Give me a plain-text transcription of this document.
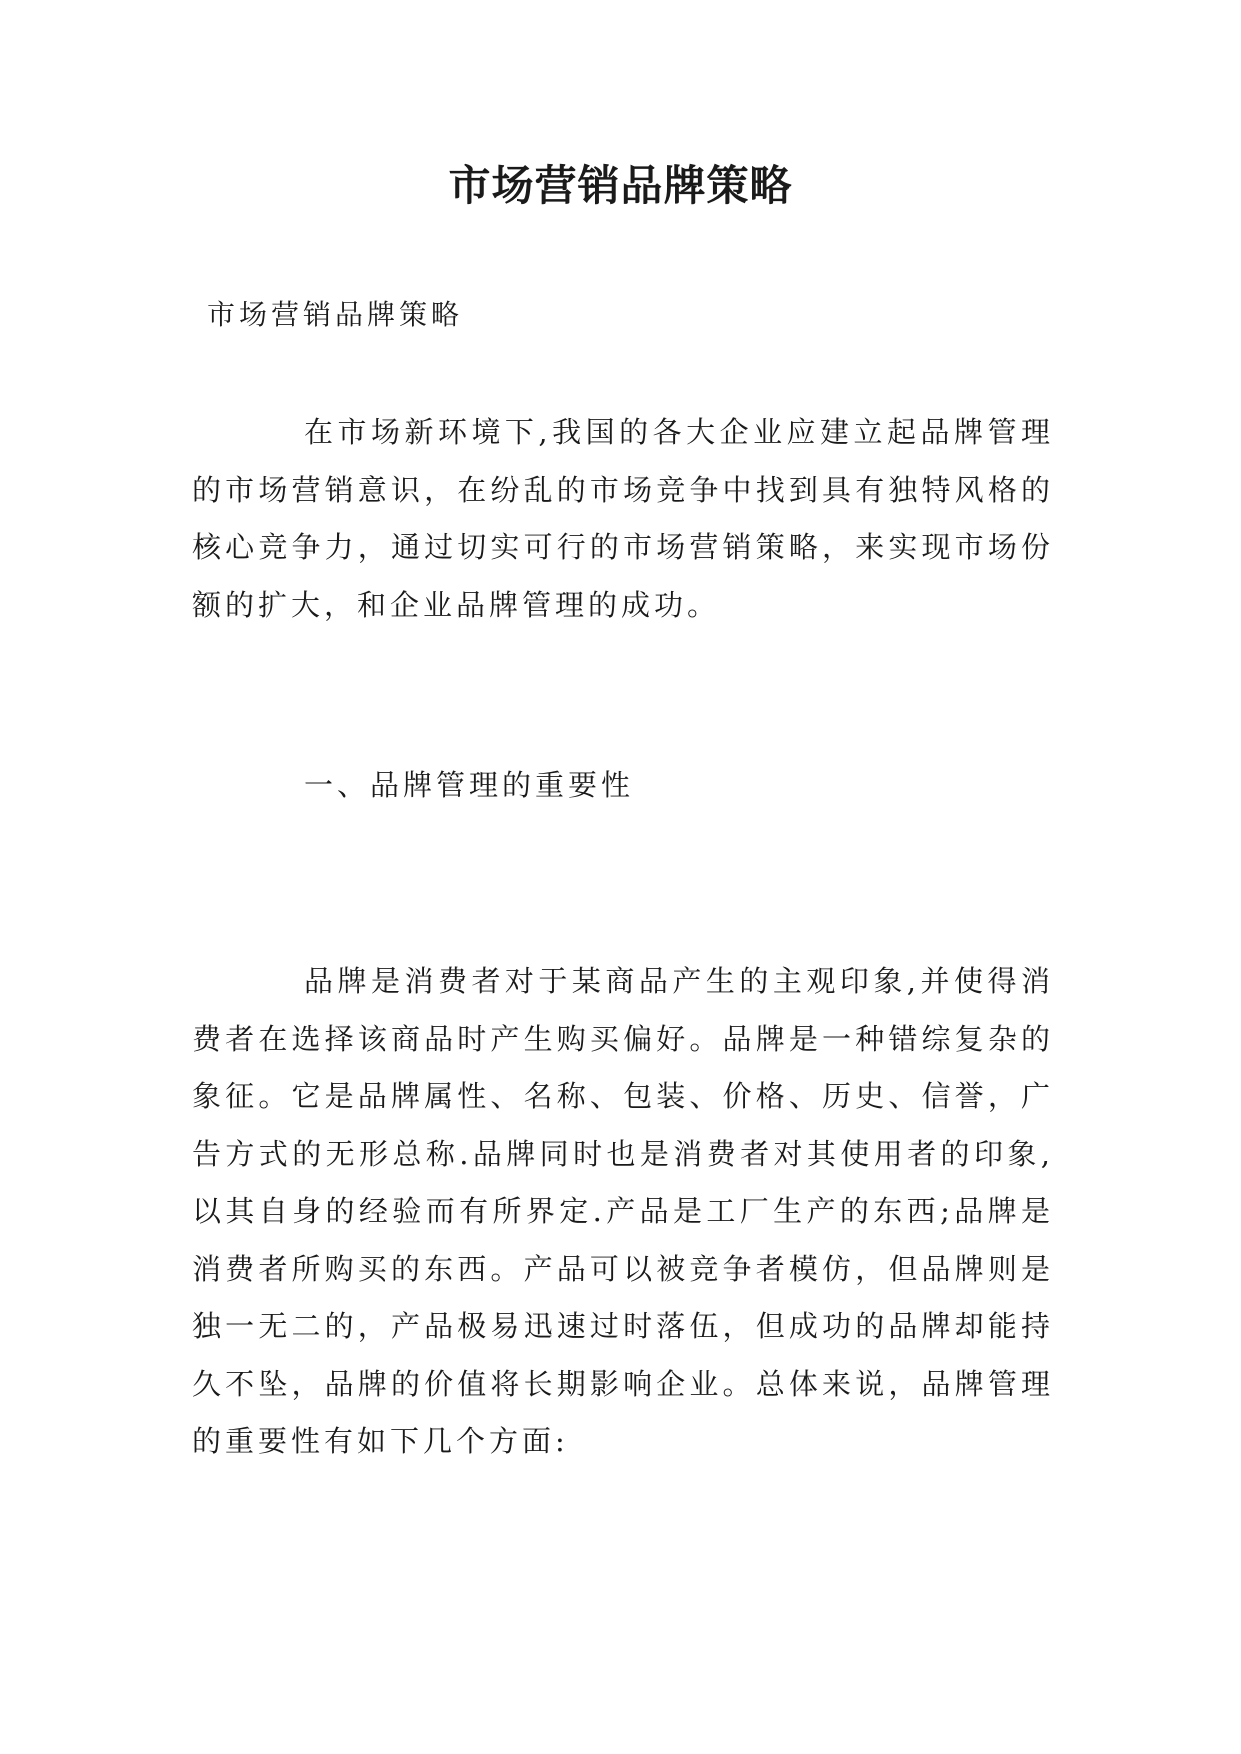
市场营销品牌策略

市场营销品牌策略

在市场新环境下,我国的各大企业应建立起品牌管理的市场营销意识，在纷乱的市场竞争中找到具有独特风格的核心竞争力，通过切实可行的市场营销策略，来实现市场份额的扩大，和企业品牌管理的成功。

一、品牌管理的重要性

品牌是消费者对于某商品产生的主观印象,并使得消费者在选择该商品时产生购买偏好。品牌是一种错综复杂的象征。它是品牌属性、名称、包装、价格、历史、信誉，广告方式的无形总称.品牌同时也是消费者对其使用者的印象,以其自身的经验而有所界定.产品是工厂生产的东西;品牌是消费者所购买的东西。产品可以被竞争者模仿，但品牌则是独一无二的，产品极易迅速过时落伍，但成功的品牌却能持久不坠，品牌的价值将长期影响企业。总体来说，品牌管理的重要性有如下几个方面:
